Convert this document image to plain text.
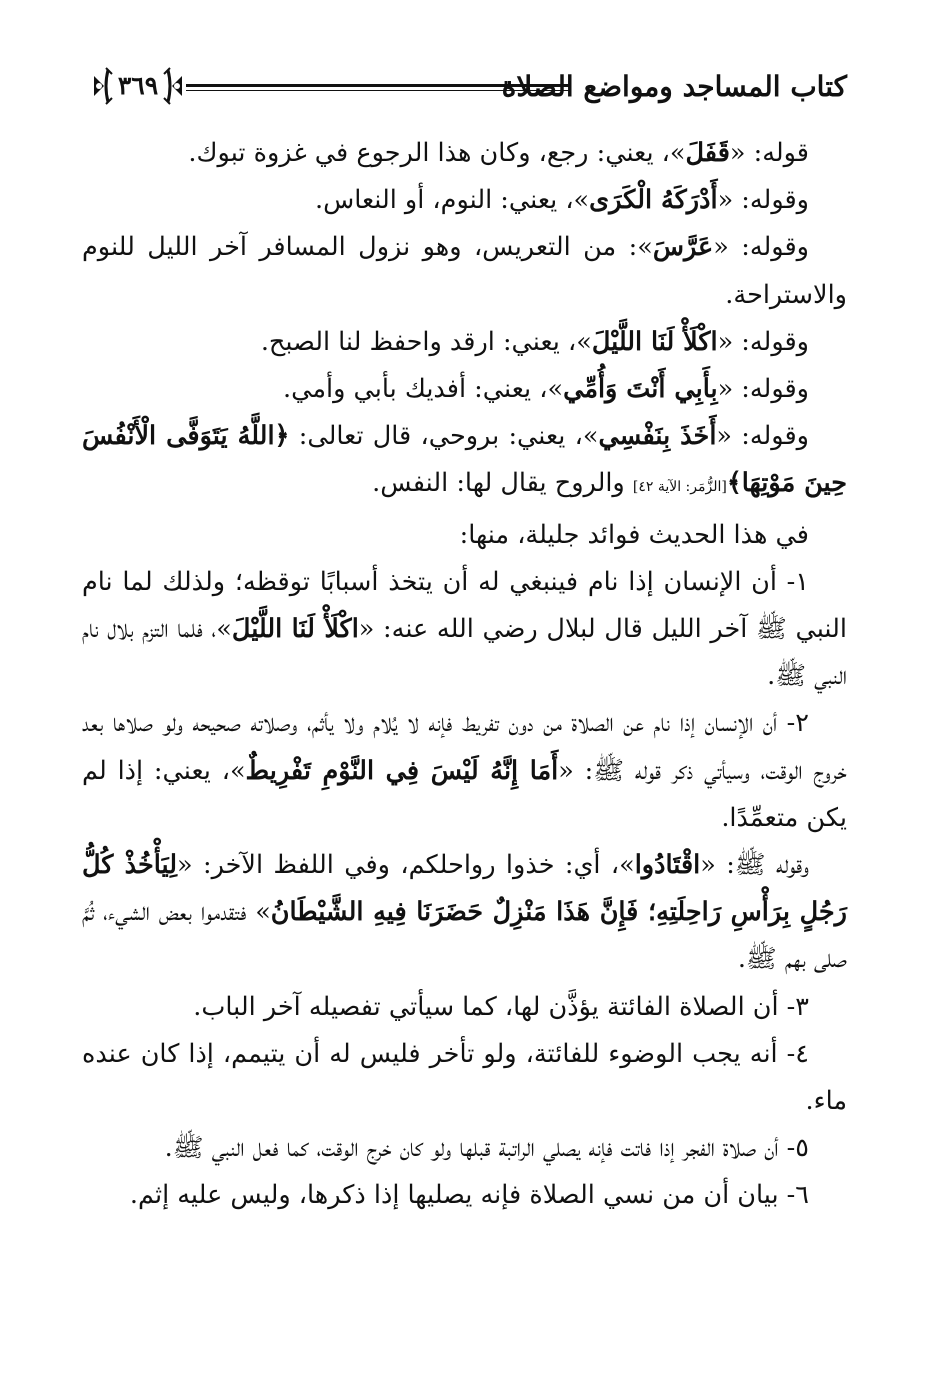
كتاب المساجد ومواضع الصلاة
٣٦٩

قوله: «قَفَلَ»، يعني: رجع، وكان هذا الرجوع في غزوة تبوك.

وقوله: «أَدْرَكَهُ الْكَرَى»، يعني: النوم، أو النعاس.

وقوله: «عَرَّسَ»: من التعريس، وهو نزول المسافر آخر الليل للنوم والاستراحة.

وقوله: «اكْلَأْ لَنَا اللَّيْلَ»، يعني: ارقد واحفظ لنا الصبح.

وقوله: «بِأَبِي أَنْتَ وَأُمِّي»، يعني: أفديك بأبي وأمي.

وقوله: «أَخَذَ بِنَفْسِي»، يعني: بروحي، قال تعالى: ﴿اللَّهُ يَتَوَفَّى الْأَنْفُسَ حِينَ مَوْتِهَا﴾[الزُّمَر: الآية ٤٢] والروح يقال لها: النفس.

في هذا الحديث فوائد جليلة، منها:

١- أن الإنسان إذا نام فينبغي له أن يتخذ أسبابًا توقظه؛ ولذلك لما نام النبي ﷺ آخر الليل قال لبلال رضي الله عنه: «اكْلَأْ لَنَا اللَّيْلَ»، فلما التزم بلال نام النبي ﷺ.

٢- أن الإنسان إذا نام عن الصلاة من دون تفريط فإنه لا يُلام ولا يأثم، وصلاته صحيحه ولو صلاها بعد خروج الوقت، وسيأتي ذكر قوله ﷺ: «أَمَا إِنَّهُ لَيْسَ فِي النَّوْمِ تَفْرِيطٌ»، يعني: إذا لم يكن متعمِّدًا.

وقوله ﷺ: «اقْتَادُوا»، أي: خذوا رواحلكم، وفي اللفظ الآخر: «لِيَأْخُذْ كُلُّ رَجُلٍ بِرَأْسِ رَاحِلَتِهِ؛ فَإِنَّ هَذَا مَنْزِلٌ حَضَرَنَا فِيهِ الشَّيْطَانُ» فتقدموا بعض الشيء، ثُمَّ صلى بهم ﷺ.

٣- أن الصلاة الفائتة يؤذَّن لها، كما سيأتي تفصيله آخر الباب.

٤- أنه يجب الوضوء للفائتة، ولو تأخر فليس له أن يتيمم، إذا كان عنده ماء.

٥- أن صلاة الفجر إذا فاتت فإنه يصلي الراتبة قبلها ولو كان خرج الوقت، كما فعل النبي ﷺ.

٦- بيان أن من نسي الصلاة فإنه يصليها إذا ذكرها، وليس عليه إثم.
